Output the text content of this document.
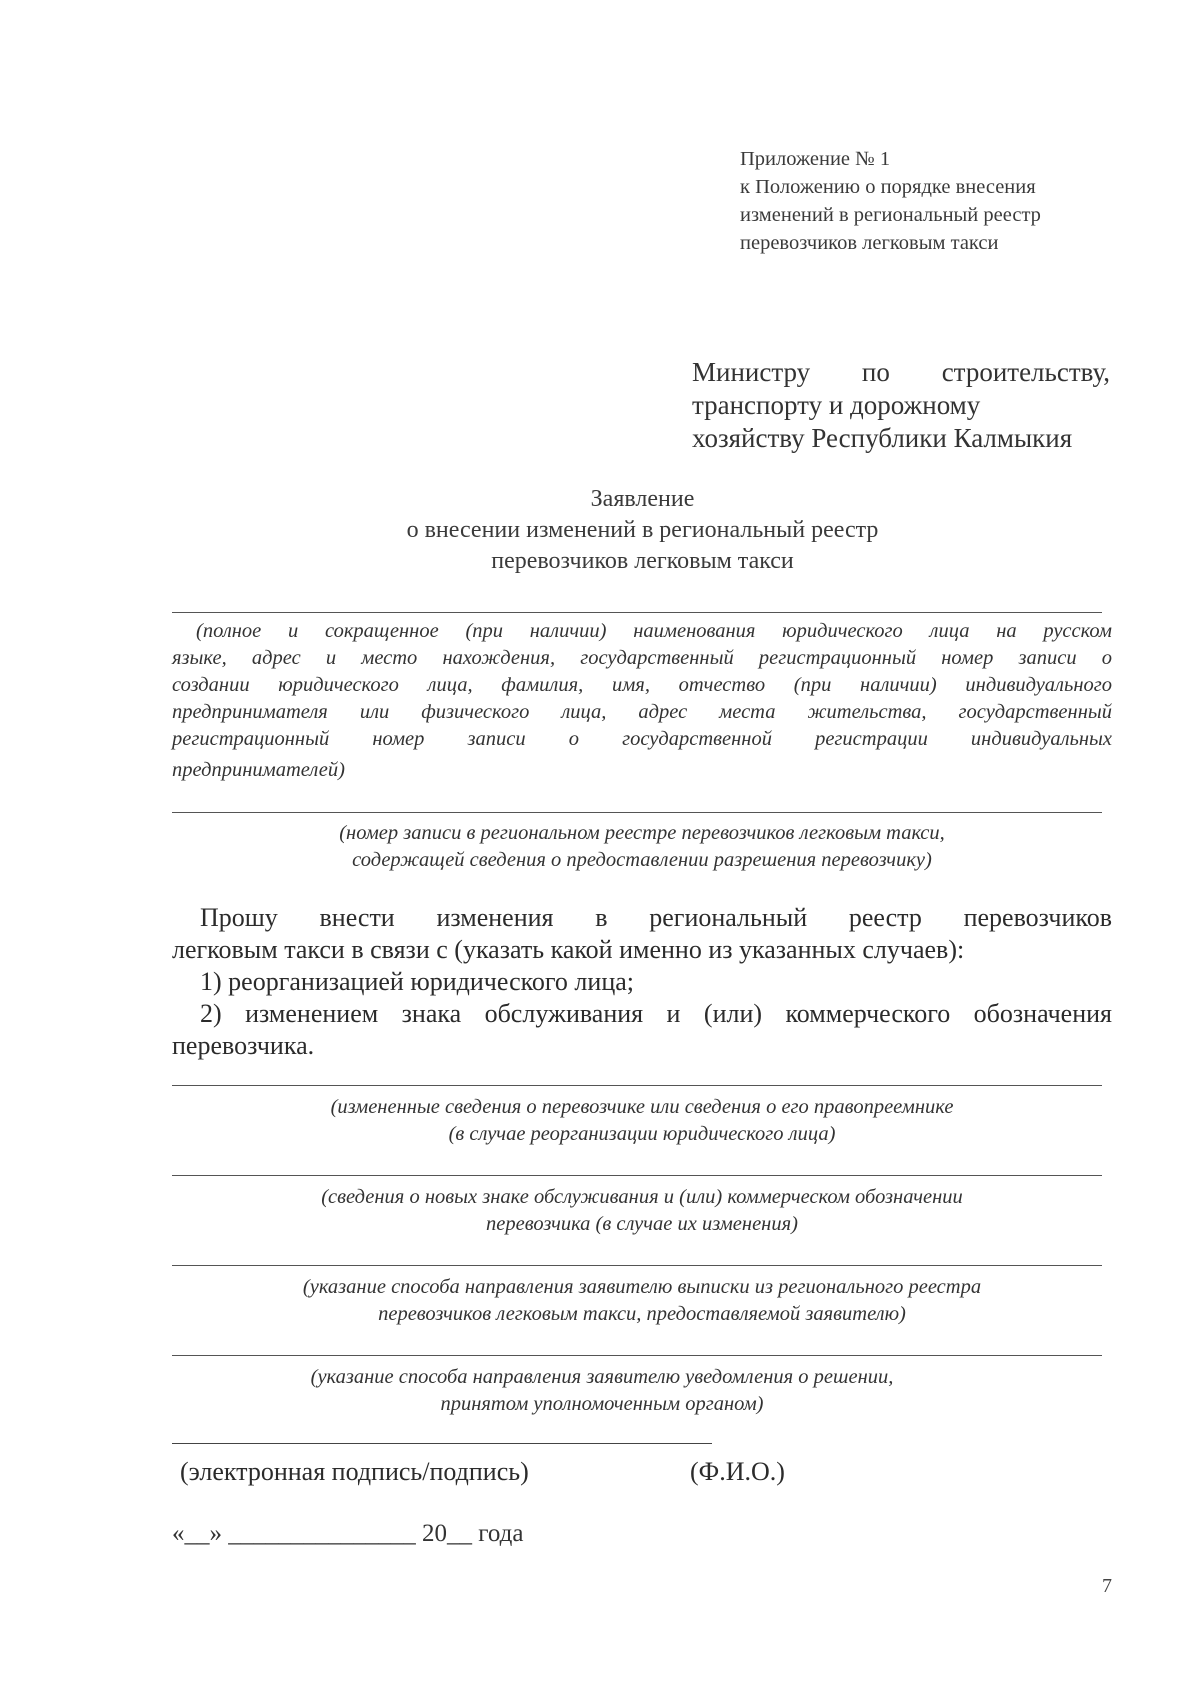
Приложение № 1
к Положению о порядке внесения
изменений в региональный реестр
перевозчиков легковым такси
Министру по строительству,
транспорту и дорожному
хозяйству Республики Калмыкия
Заявление
о внесении изменений в региональный реестр
перевозчиков легковым такси
(полное и сокращенное (при наличии) наименования юридического лица на русском
языке, адрес и место нахождения, государственный регистрационный номер записи о
создании юридического лица, фамилия, имя, отчество (при наличии) индивидуального
предпринимателя или физического лица, адрес места жительства, государственный
регистрационный номер записи о государственной регистрации индивидуальных
предпринимателей)
(номер записи в региональном реестре перевозчиков легковым такси,
содержащей сведения о предоставлении разрешения перевозчику)
Прошу внести изменения в региональный реестр перевозчиков
легковым такси в связи с (указать какой именно из указанных случаев):
1) реорганизацией юридического лица;
2) изменением знака обслуживания и (или) коммерческого обозначения
перевозчика.
(измененные сведения о перевозчике или сведения о его правопреемнике
(в случае реорганизации юридического лица)
(сведения о новых знаке обслуживания и (или) коммерческом обозначении
перевозчика (в случае их изменения)
(указание способа направления заявителю выписки из регионального реестра
перевозчиков легковым такси, предоставляемой заявителю)
(указание способа направления заявителю уведомления о решении,
принятом уполномоченным органом)
(электронная подпись/подпись)	(Ф.И.О.)
«__» _______________ 20__ года
7
